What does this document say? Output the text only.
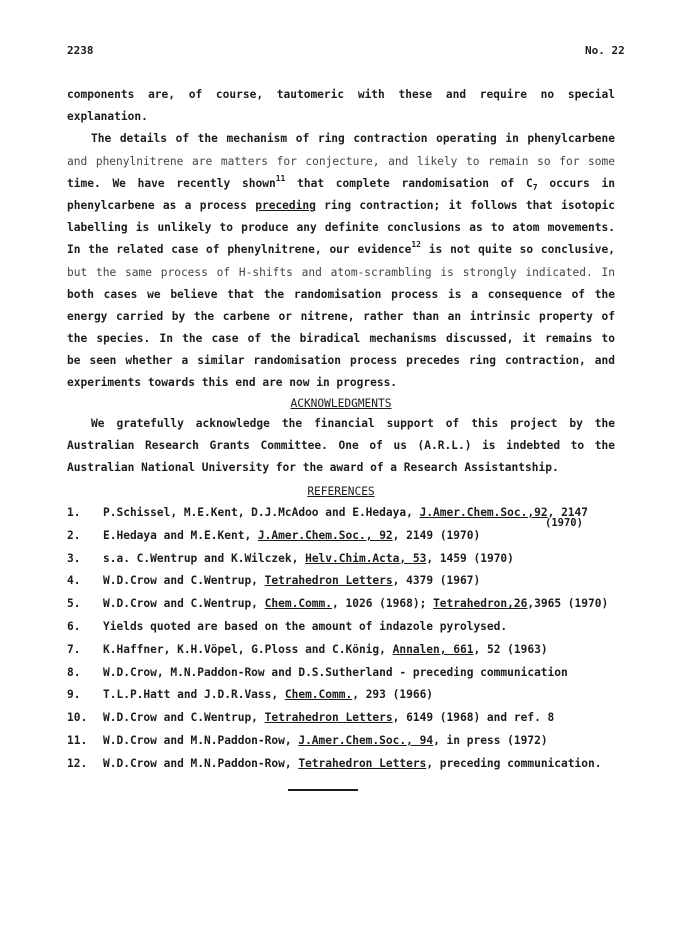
2238	No. 22
components are, of course, tautomeric with these and require no special
explanation.
The details of the mechanism of ring contraction operating in phenylcarbene
and phenylnitrene are matters for conjecture, and likely to remain so for some
time. We have recently shown$^{11}$ that complete randomisation of $C_7$ occurs in
phenylcarbene as a process preceding ring contraction; it follows that isotopic
labelling is unlikely to produce any definite conclusions as to atom movements.
In the related case of phenylnitrene, our evidence$^{12}$ is not quite so conclusive,
but the same process of H-shifts and atom-scrambling is strongly indicated. In
both cases we believe that the randomisation process is a consequence of the
energy carried by the carbene or nitrene, rather than an intrinsic property of
the species. In the case of the biradical mechanisms discussed, it remains to
be seen whether a similar randomisation process precedes ring contraction, and
experiments towards this end are now in progress.
ACKNOWLEDGMENTS
We gratefully acknowledge the financial support of this project by the
Australian Research Grants Committee. One of us (A.R.L.) is indebted to the
Australian National University for the award of a Research Assistantship.
REFERENCES
1. P.Schissel, M.E.Kent, D.J.McAdoo and E.Hedaya, J.Amer.Chem.Soc.,92, 2147
(1970)
2. E.Hedaya and M.E.Kent, J.Amer.Chem.Soc., 92, 2149 (1970)
3. s.a. C.Wentrup and K.Wilczek, Helv.Chim.Acta, 53, 1459 (1970)
4. W.D.Crow and C.Wentrup, Tetrahedron Letters, 4379 (1967)
5. W.D.Crow and C.Wentrup, Chem.Comm., 1026 (1968); Tetrahedron,26,3965 (1970)
6. Yields quoted are based on the amount of indazole pyrolysed.
7. K.Haffner, K.H.Vöpel, G.Ploss and C.König, Annalen, 661, 52 (1963)
8. W.D.Crow, M.N.Paddon-Row and D.S.Sutherland - preceding communication
9. T.L.P.Hatt and J.D.R.Vass, Chem.Comm., 293 (1966)
10. W.D.Crow and C.Wentrup, Tetrahedron Letters, 6149 (1968) and ref. 8
11. W.D.Crow and M.N.Paddon-Row, J.Amer.Chem.Soc., 94, in press (1972)
12. W.D.Crow and M.N.Paddon-Row, Tetrahedron Letters, preceding communication.
